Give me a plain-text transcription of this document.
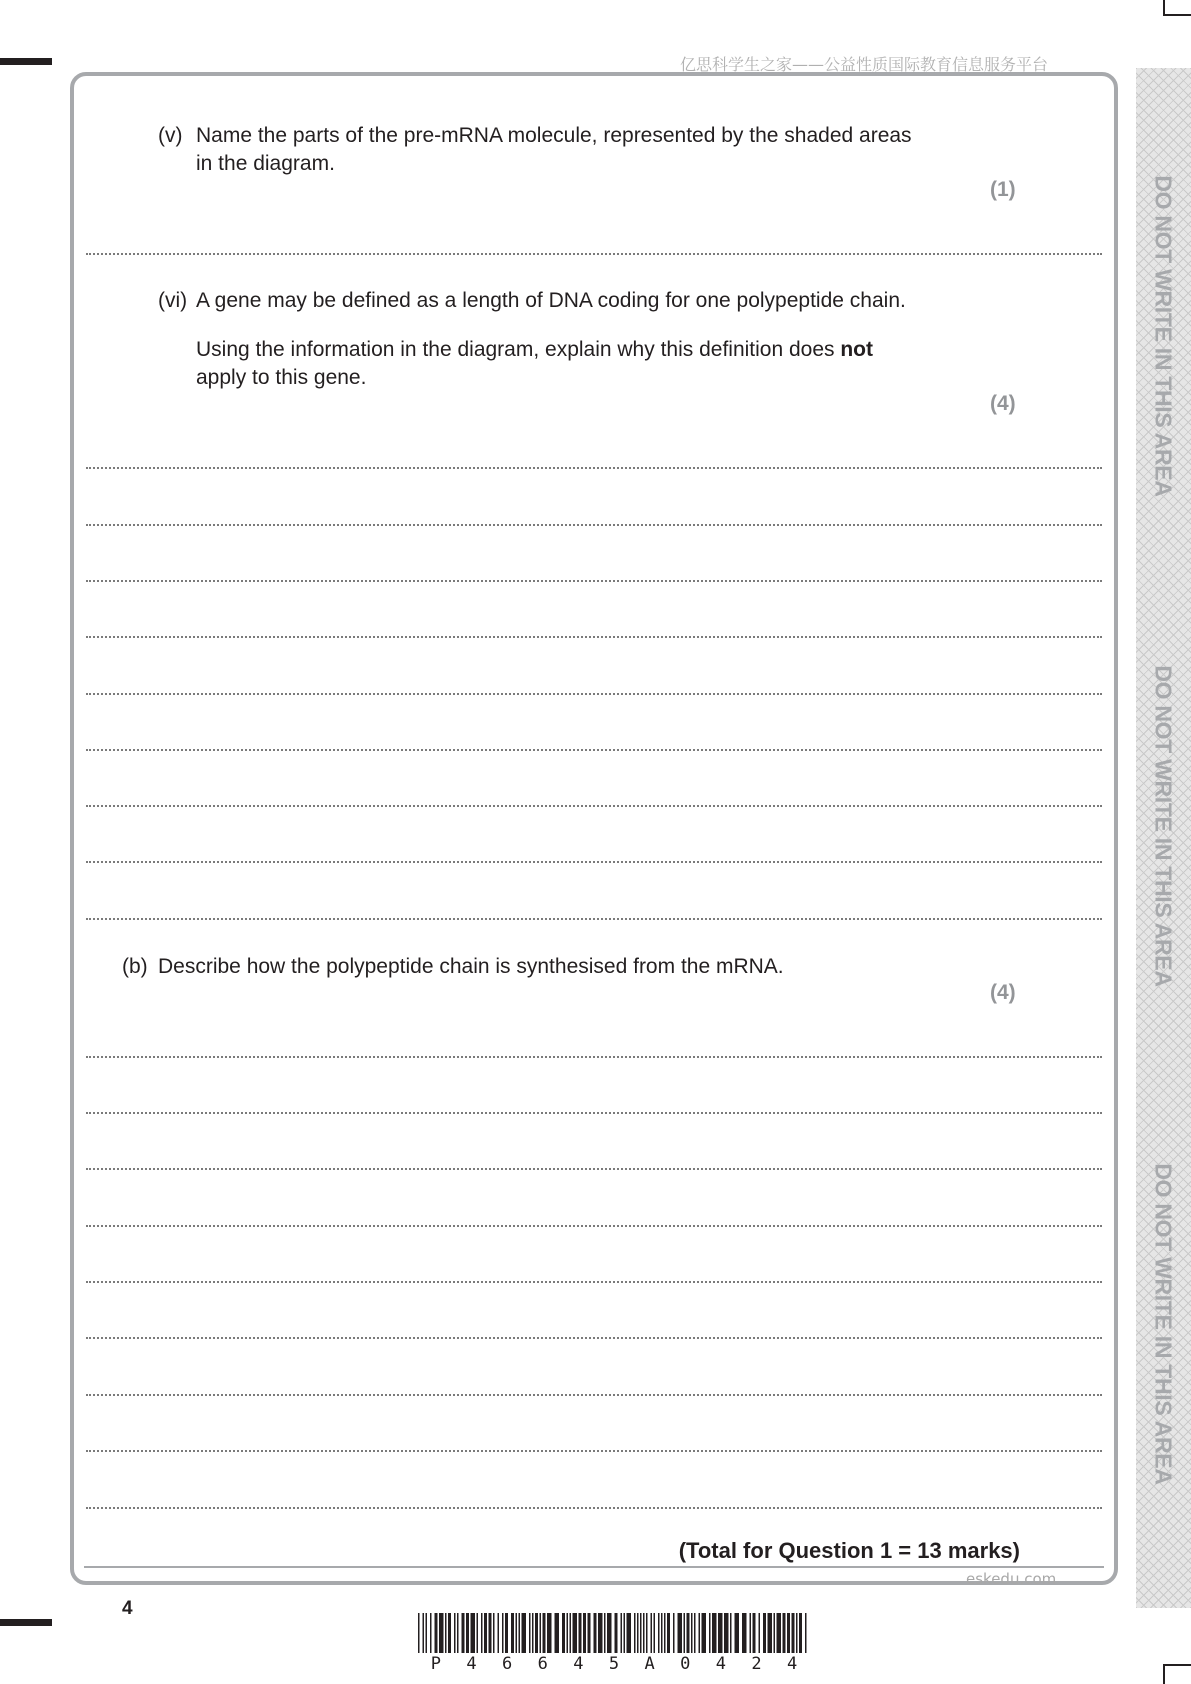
亿思科学生之家——公益性质国际教育信息服务平台
DO NOT WRITE IN THIS AREA
DO NOT WRITE IN THIS AREA
DO NOT WRITE IN THIS AREA
(v) Name the parts of the pre-mRNA molecule, represented by the shaded areas
in the diagram.
(1)
(vi) A gene may be defined as a length of DNA coding for one polypeptide chain.
Using the information in the diagram, explain why this definition does not
apply to this gene.
(4)
(b) Describe how the polypeptide chain is synthesised from the mRNA.
(4)
(Total for Question 1 = 13 marks)
eskedu.com
4
P 4 6 6 4 5 A 0 4 2 4
